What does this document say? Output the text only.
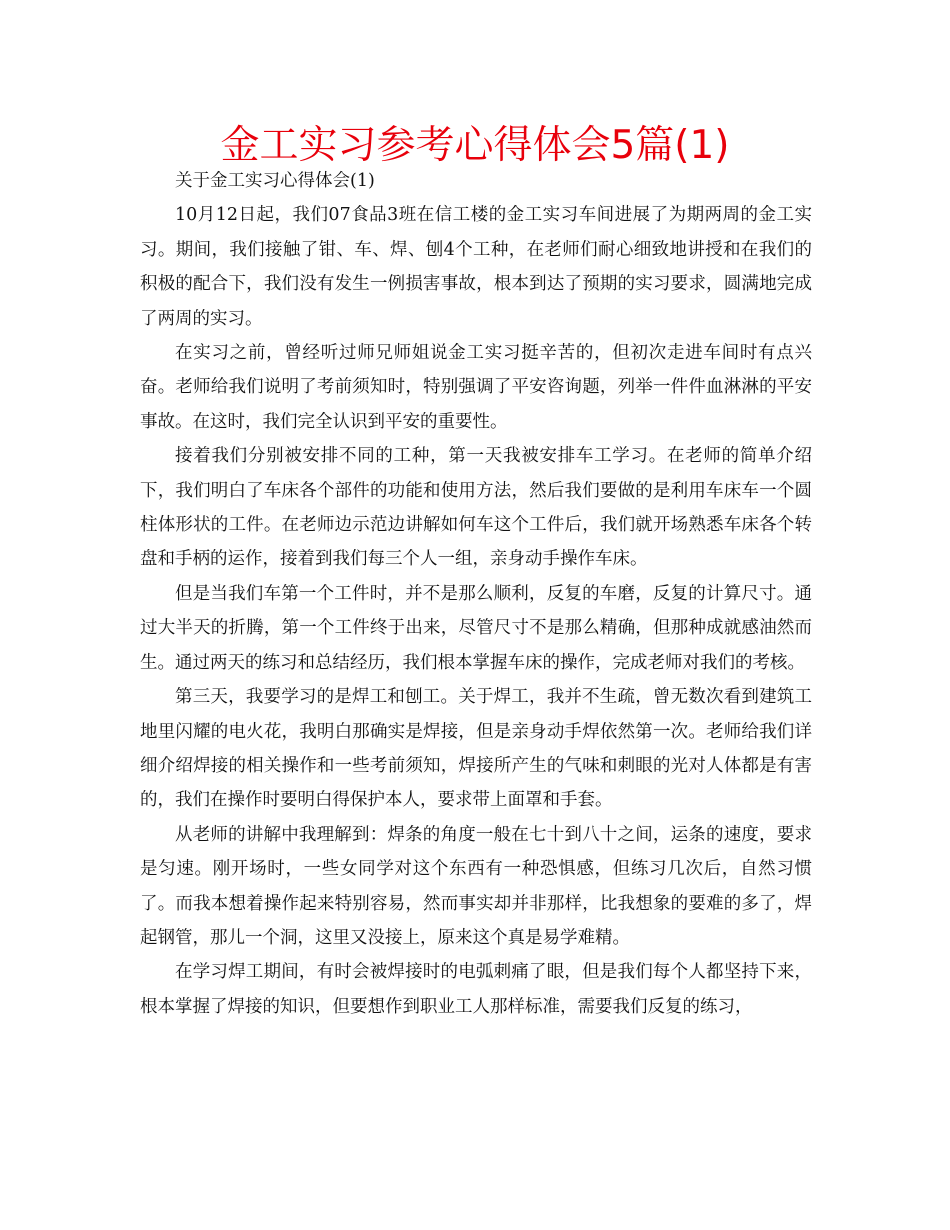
金工实习参考心得体会5篇(1)

关于金工实习心得体会(1)

10月12日起，我们07食品3班在信工楼的金工实习车间进展了为期两周的金工实习。期间，我们接触了钳、车、焊、刨4个工种，在老师们耐心细致地讲授和在我们的积极的配合下，我们没有发生一例损害事故，根本到达了预期的实习要求，圆满地完成了两周的实习。

在实习之前，曾经听过师兄师姐说金工实习挺辛苦的，但初次走进车间时有点兴奋。老师给我们说明了考前须知时，特别强调了平安咨询题，列举一件件血淋淋的平安事故。在这时，我们完全认识到平安的重要性。

接着我们分别被安排不同的工种，第一天我被安排车工学习。在老师的简单介绍下，我们明白了车床各个部件的功能和使用方法，然后我们要做的是利用车床车一个圆柱体形状的工件。在老师边示范边讲解如何车这个工件后，我们就开场熟悉车床各个转盘和手柄的运作，接着到我们每三个人一组，亲身动手操作车床。

但是当我们车第一个工件时，并不是那么顺利，反复的车磨，反复的计算尺寸。通过大半天的折腾，第一个工件终于出来，尽管尺寸不是那么精确，但那种成就感油然而生。通过两天的练习和总结经历，我们根本掌握车床的操作，完成老师对我们的考核。

第三天，我要学习的是焊工和刨工。关于焊工，我并不生疏，曾无数次看到建筑工地里闪耀的电火花，我明白那确实是焊接，但是亲身动手焊依然第一次。老师给我们详细介绍焊接的相关操作和一些考前须知，焊接所产生的气味和刺眼的光对人体都是有害的，我们在操作时要明白得保护本人，要求带上面罩和手套。

从老师的讲解中我理解到：焊条的角度一般在七十到八十之间，运条的速度，要求是匀速。刚开场时，一些女同学对这个东西有一种恐惧感，但练习几次后，自然习惯了。而我本想着操作起来特别容易，然而事实却并非那样，比我想象的要难的多了，焊起钢管，那儿一个洞，这里又没接上，原来这个真是易学难精。

在学习焊工期间，有时会被焊接时的电弧刺痛了眼，但是我们每个人都坚持下来，根本掌握了焊接的知识，但要想作到职业工人那样标准，需要我们反复的练习，
